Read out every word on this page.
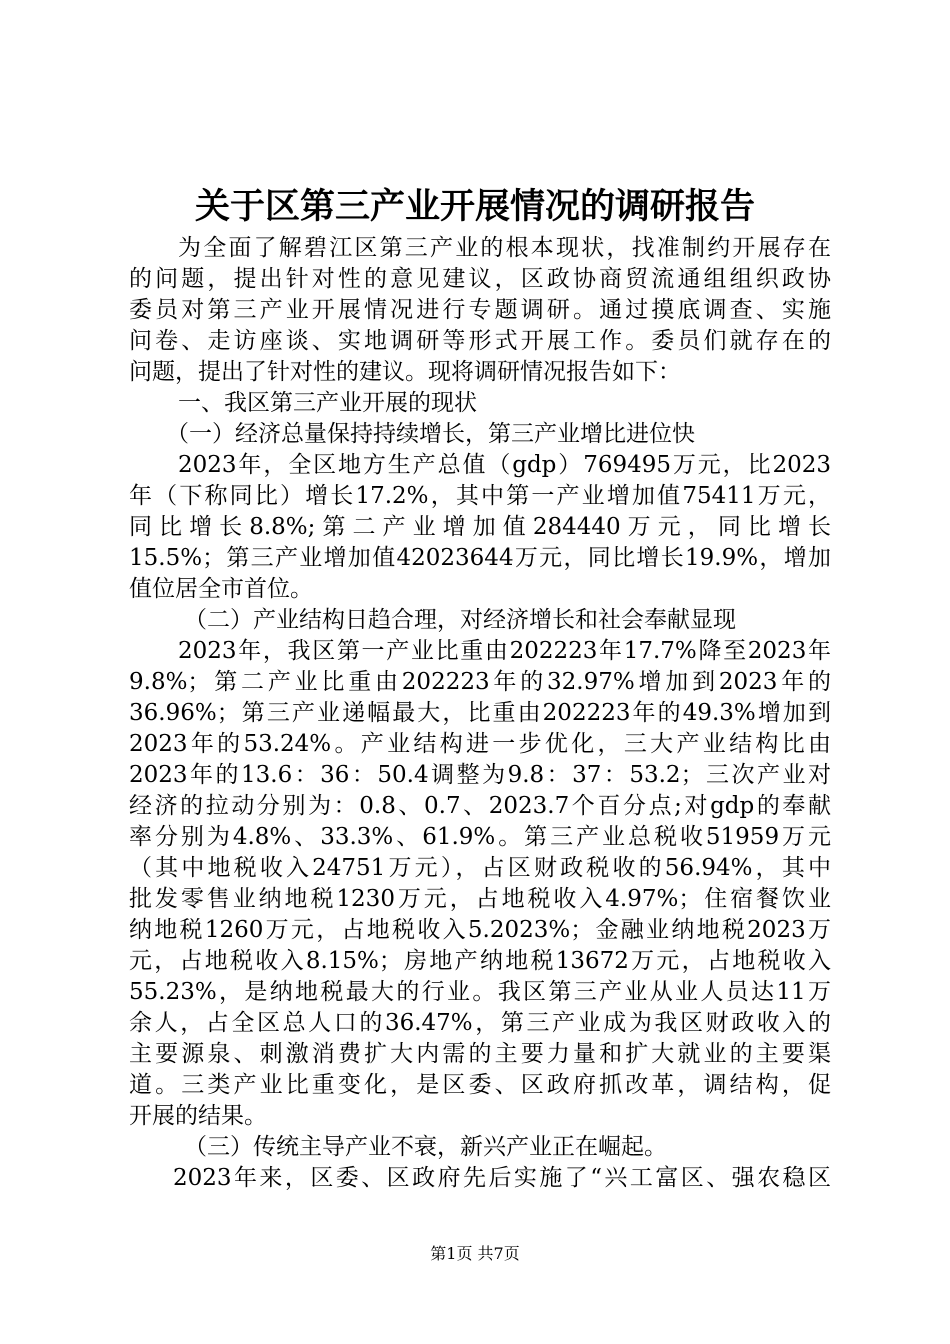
关于区第三产业开展情况的调研报告
为全面了解碧江区第三产业的根本现状，找准制约开展存在
的问题，提出针对性的意见建议，区政协商贸流通组组织政协
委员对第三产业开展情况进行专题调研。通过摸底调查、实施
问卷、走访座谈、实地调研等形式开展工作。委员们就存在的
问题，提出了针对性的建议。现将调研情况报告如下：
一、我区第三产业开展的现状
（一）经济总量保持持续增长，第三产业增比进位快
2023年，全区地方生产总值（gdp）769495万元，比2023
年（下称同比）增长17.2%，其中第一产业增加值75411万元，
同比增长8.8%;第二产业增加值284440万元，同比增长
15.5%；第三产业增加值42023644万元，同比增长19.9%，增加
值位居全市首位。
（二）产业结构日趋合理，对经济增长和社会奉献显现
2023年，我区第一产业比重由202223年17.7%降至2023年
9.8%；第二产业比重由202223年的32.97%增加到2023年的
36.96%；第三产业递幅最大，比重由202223年的49.3%增加到
2023年的53.24%。产业结构进一步优化，三大产业结构比由
2023年的13.6：36：50.4调整为9.8：37：53.2；三次产业对
经济的拉动分别为：0.8、0.7、2023.7个百分点;对gdp的奉献
率分别为4.8%、33.3%、61.9%。第三产业总税收51959万元
（其中地税收入24751万元），占区财政税收的56.94%，其中
批发零售业纳地税1230万元，占地税收入4.97%；住宿餐饮业
纳地税1260万元，占地税收入5.2023%；金融业纳地税2023万
元，占地税收入8.15%；房地产纳地税13672万元，占地税收入
55.23%，是纳地税最大的行业。我区第三产业从业人员达11万
余人，占全区总人口的36.47%，第三产业成为我区财政收入的
主要源泉、刺激消费扩大内需的主要力量和扩大就业的主要渠
道。三类产业比重变化，是区委、区政府抓改革，调结构，促
开展的结果。
（三）传统主导产业不衰，新兴产业正在崛起。
2023年来，区委、区政府先后实施了“兴工富区、强农稳区
第1页 共7页
